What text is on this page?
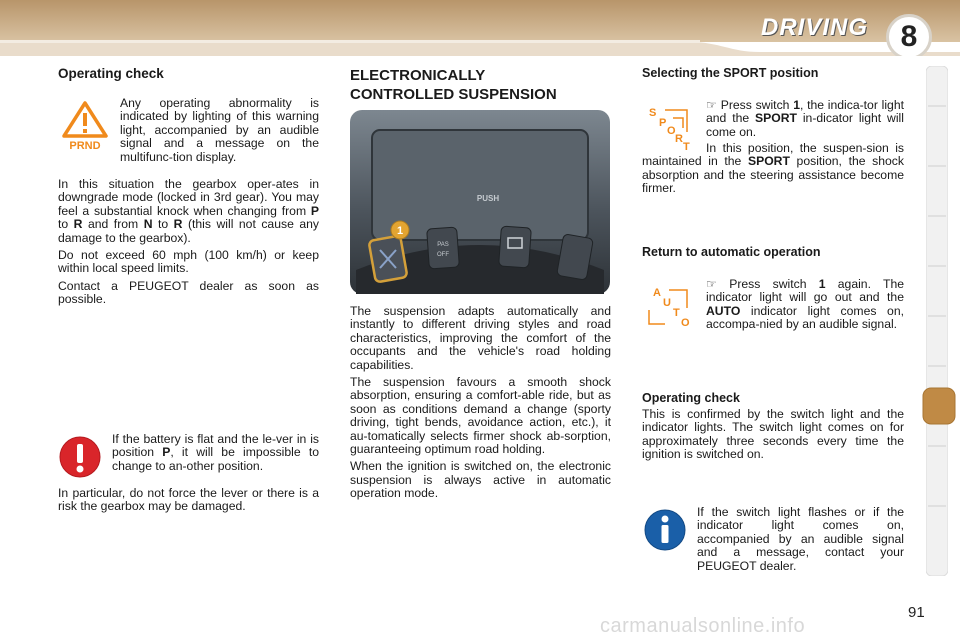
DRIVING	8
Operating check
PRND

Any operating abnormality is indicated by lighting of this warning light, accompanied by an audible signal and a message on the multifunc-tion display.

In this situation the gearbox oper-ates in downgrade mode (locked in 3rd gear). You may feel a substantial knock when changing from P to R and from N to R (this will not cause any damage to the gearbox).

Do not exceed 60 mph (100 km/h) or keep within local speed limits.

Contact a PEUGEOT dealer as soon as possible.

If the battery is flat and the le-ver in is position P, it will be impossible to change to an-other position.

In particular, do not force the lever or there is a risk the gearbox may be damaged.

ELECTRONICALLY
CONTROLLED SUSPENSION
PUSH
PAS
OFF
1

The suspension adapts automatically and instantly to different driving styles and road characteristics, improving the comfort of the occupants and the vehicle's road holding capabilities.

The suspension favours a smooth shock absorption, ensuring a comfort-able ride, but as soon as conditions demand a change (sporty driving, tight bends, avoidance action, etc.), it au-tomatically selects firmer shock ab-sorption, guaranteeing optimum road holding.

When the ignition is switched on, the electronic suspension is always active in automatic operation mode.

Selecting the SPORT position
S
P
O
R
T

☞ Press switch 1, the indica-tor light and the SPORT in-dicator light will come on.

In this position, the suspen-sion is maintained in the SPORT position, the shock absorption and the steering assistance become firmer.

Return to automatic operation
A
U
T
O

☞ Press switch 1 again. The indicator light will go out and the AUTO indicator light comes on, accompa-nied by an audible signal.

Operating check

This is confirmed by the switch light and the indicator lights. The switch light comes on for approximately three seconds every time the ignition is switched on.

If the switch light flashes or if the indicator light comes on, accompanied by an audible signal and a message, contact your PEUGEOT dealer.

carmanualsonline.info
91
